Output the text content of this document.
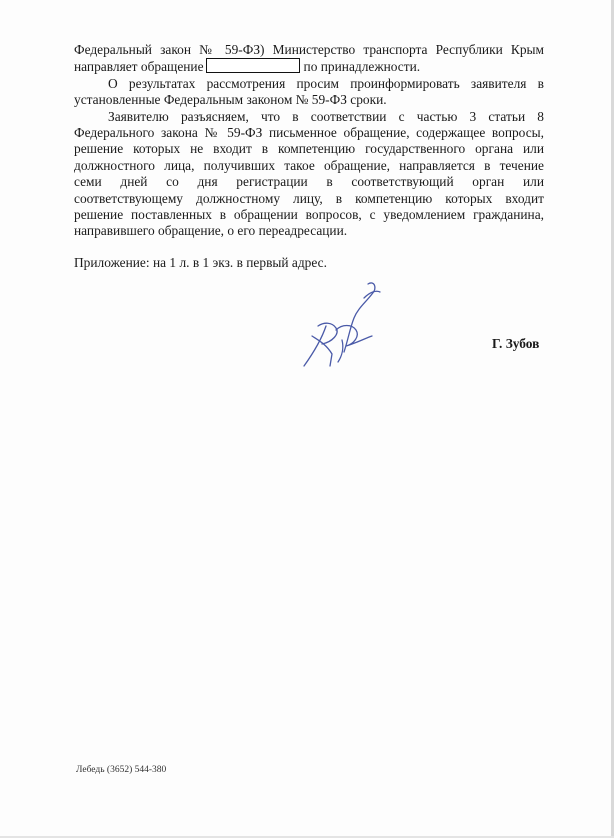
Федеральный закон № 59-ФЗ) Министерство транспорта Республики Крым
направляет обращение	по принадлежности.
О результатах рассмотрения просим проинформировать заявителя в
установленные Федеральным законом № 59-ФЗ сроки.
Заявителю разъясняем, что в соответствии с частью 3 статьи 8
Федерального закона № 59-ФЗ письменное обращение, содержащее вопросы,
решение которых не входит в компетенцию государственного органа или
должностного лица, получивших такое обращение, направляется в течение
семи дней со дня регистрации в соответствующий орган или
соответствующему должностному лицу, в компетенцию которых входит
решение поставленных в обращении вопросов, с уведомлением гражданина,
направившего обращение, о его переадресации.
Приложение: на 1 л. в 1 экз. в первый адрес.
Г. Зубов
Лебедь (3652) 544-380
